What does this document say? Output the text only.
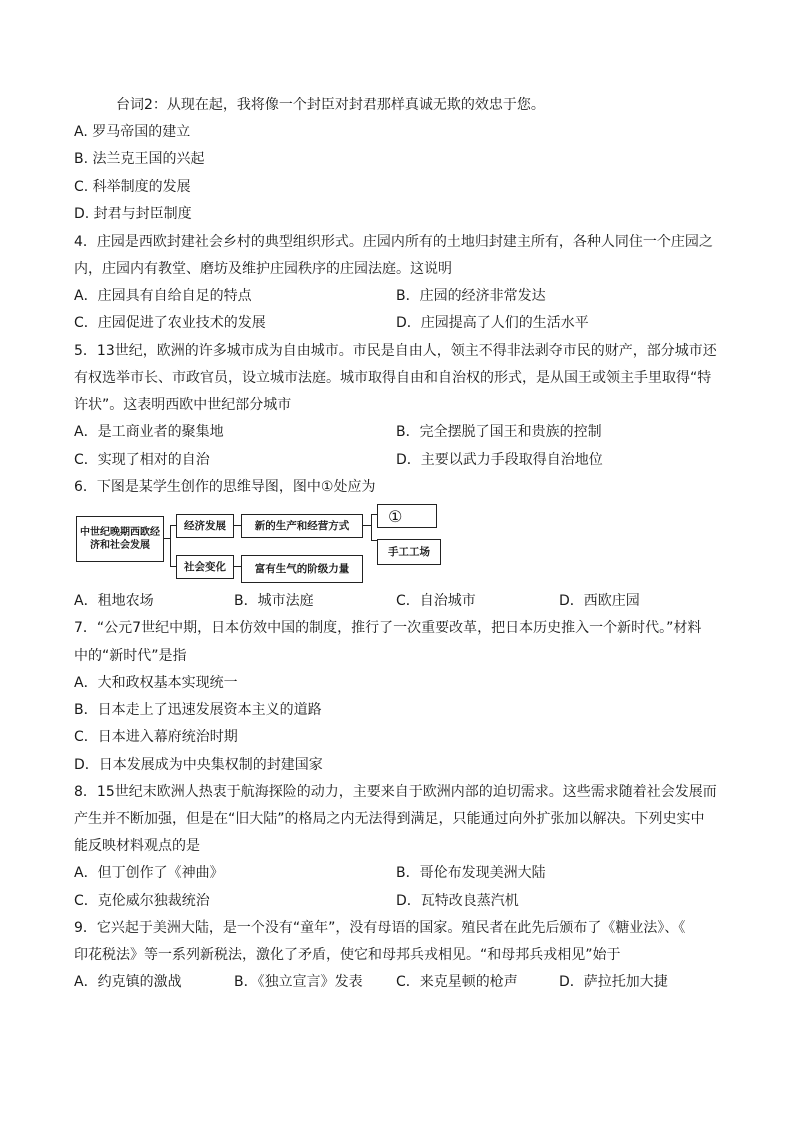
台词2：从现在起，我将像一个封臣对封君那样真诚无欺的效忠于您。
A. 罗马帝国的建立
B. 法兰克王国的兴起
C. 科举制度的发展
D. 封君与封臣制度
4．庄园是西欧封建社会乡村的典型组织形式。庄园内所有的土地归封建主所有，各种人同住一个庄园之
内，庄园内有教堂、磨坊及维护庄园秩序的庄园法庭。这说明
A．庄园具有自给自足的特点	B．庄园的经济非常发达
C．庄园促进了农业技术的发展	D．庄园提高了人们的生活水平
5．13世纪，欧洲的许多城市成为自由城市。市民是自由人，领主不得非法剥夺市民的财产，部分城市还
有权选举市长、市政官员，设立城市法庭。城市取得自由和自治权的形式，是从国王或领主手里取得“特
许状”。这表明西欧中世纪部分城市
A．是工商业者的聚集地	B．完全摆脱了国王和贵族的控制
C．实现了相对的自治	D．主要以武力手段取得自治地位
6．下图是某学生创作的思维导图，图中①处应为
中世纪晚期西欧经济和社会发展
经济发展	新的生产和经营方式	①
手工工场
社会变化	富有生气的阶级力量
A．租地农场	B．城市法庭	C．自治城市	D．西欧庄园
7．“公元7世纪中期，日本仿效中国的制度，推行了一次重要改革，把日本历史推入一个新时代。”材料
中的“新时代”是指
A．大和政权基本实现统一
B．日本走上了迅速发展资本主义的道路
C．日本进入幕府统治时期
D．日本发展成为中央集权制的封建国家
8．15世纪末欧洲人热衷于航海探险的动力，主要来自于欧洲内部的迫切需求。这些需求随着社会发展而
产生并不断加强，但是在“旧大陆”的格局之内无法得到满足，只能通过向外扩张加以解决。下列史实中
能反映材料观点的是
A．但丁创作了《神曲》	B．哥伦布发现美洲大陆
C．克伦威尔独裁统治	D．瓦特改良蒸汽机
9．它兴起于美洲大陆，是一个没有“童年”，没有母语的国家。殖民者在此先后颁布了《糖业法》、《
印花税法》等一系列新税法，激化了矛盾，使它和母邦兵戎相见。“和母邦兵戎相见”始于
A．约克镇的激战	B．《独立宣言》发表 C．来克星顿的枪声	D．萨拉托加大捷
